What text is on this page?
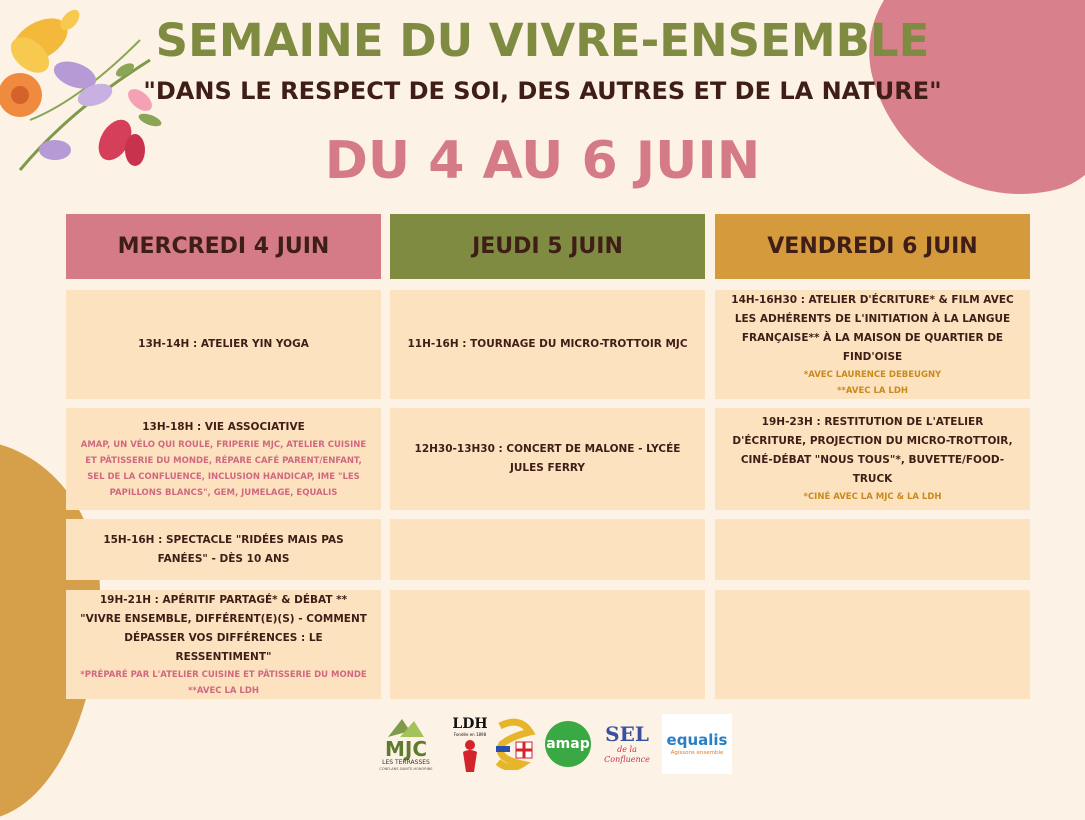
SEMAINE DU VIVRE-ENSEMBLE
"DANS LE RESPECT DE SOI, DES AUTRES ET DE LA NATURE"
DU 4 AU 6 JUIN
MERCREDI 4 JUIN	JEUDI 5 JUIN	VENDREDI 6 JUIN
13H-14H : ATELIER YIN YOGA
13H-18H : VIE ASSOCIATIVE
AMAP, UN VÉLO QUI ROULE, FRIPERIE MJC, ATELIER CUISINE ET PÂTISSERIE DU MONDE, RÉPARE CAFÉ PARENT/ENFANT, SEL DE LA CONFLUENCE, INCLUSION HANDICAP, IME "LES PAPILLONS BLANCS", GEM, JUMELAGE, EQUALIS
15H-16H : SPECTACLE "RIDÉES MAIS PAS FANÉES" - DÈS 10 ANS
19H-21H : APÉRITIF PARTAGÉ* & DÉBAT ** "VIVRE ENSEMBLE, DIFFÉRENT(E)(S) - COMMENT DÉPASSER VOS DIFFÉRENCES : LE RESSENTIMENT"
*PRÉPARÉ PAR L'ATELIER CUISINE ET PÂTISSERIE DU MONDE
**AVEC LA LDH
11H-16H : TOURNAGE DU MICRO-TROTTOIR MJC
12H30-13H30 : CONCERT DE MALONE - LYCÉE JULES FERRY
14H-16H30 : ATELIER D'ÉCRITURE* & FILM AVEC LES ADHÉRENTS DE L'INITIATION À LA LANGUE FRANÇAISE** À LA MAISON DE QUARTIER DE FIND'OISE
*AVEC LAURENCE DEBEUGNY
**AVEC LA LDH
19H-23H : RESTITUTION DE L'ATELIER D'ÉCRITURE, PROJECTION DU MICRO-TROTTOIR, CINÉ-DÉBAT "NOUS TOUS"*, BUVETTE/FOOD-TRUCK
*CINÉ AVEC LA MJC & LA LDH
MJC
LES TERRASSES
CONFLANS SAINTE-HONORINE
LDH
Fondée en 1898
amap SEL
de la Confluence
equalis
Agissons ensemble
